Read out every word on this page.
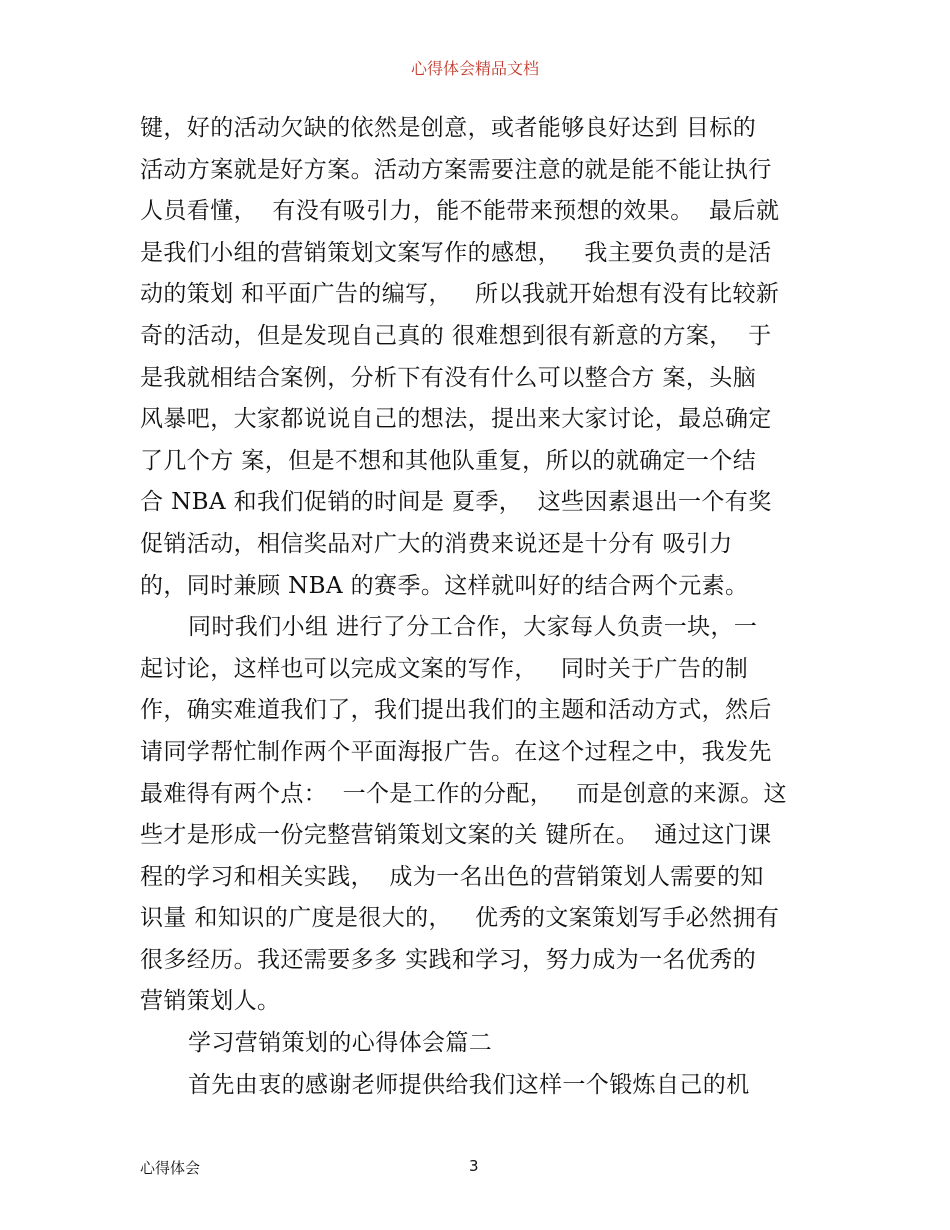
心得体会精品文档
键，好的活动欠缺的依然是创意，或者能够良好达到 目标的
活动方案就是好方案。活动方案需要注意的就是能不能让执行
人员看懂，  有没有吸引力，能不能带来预想的效果。  最后就
是我们小组的营销策划文案写作的感想，   我主要负责的是活
动的策划 和平面广告的编写，   所以我就开始想有没有比较新
奇的活动，但是发现自己真的 很难想到很有新意的方案，  于
是我就相结合案例，分析下有没有什么可以整合方 案，头脑
风暴吧，大家都说说自己的想法，提出来大家讨论，最总确定
了几个方 案，但是不想和其他队重复，所以的就确定一个结
合 NBA 和我们促销的时间是 夏季，  这些因素退出一个有奖
促销活动，相信奖品对广大的消费来说还是十分有 吸引力
的，同时兼顾 NBA 的赛季。这样就叫好的结合两个元素。
同时我们小组 进行了分工合作，大家每人负责一块，一
起讨论，这样也可以完成文案的写作，   同时关于广告的制
作，确实难道我们了，我们提出我们的主题和活动方式，然后
请同学帮忙制作两个平面海报广告。在这个过程之中，我发先
最难得有两个点：  一个是工作的分配，   而是创意的来源。这
些才是形成一份完整营销策划文案的关 键所在。  通过这门课
程的学习和相关实践，  成为一名出色的营销策划人需要的知
识量 和知识的广度是很大的，   优秀的文案策划写手必然拥有
很多经历。我还需要多多 实践和学习，努力成为一名优秀的
营销策划人。
学习营销策划的心得体会篇二
首先由衷的感谢老师提供给我们这样一个锻炼自己的机
心得体会	3
